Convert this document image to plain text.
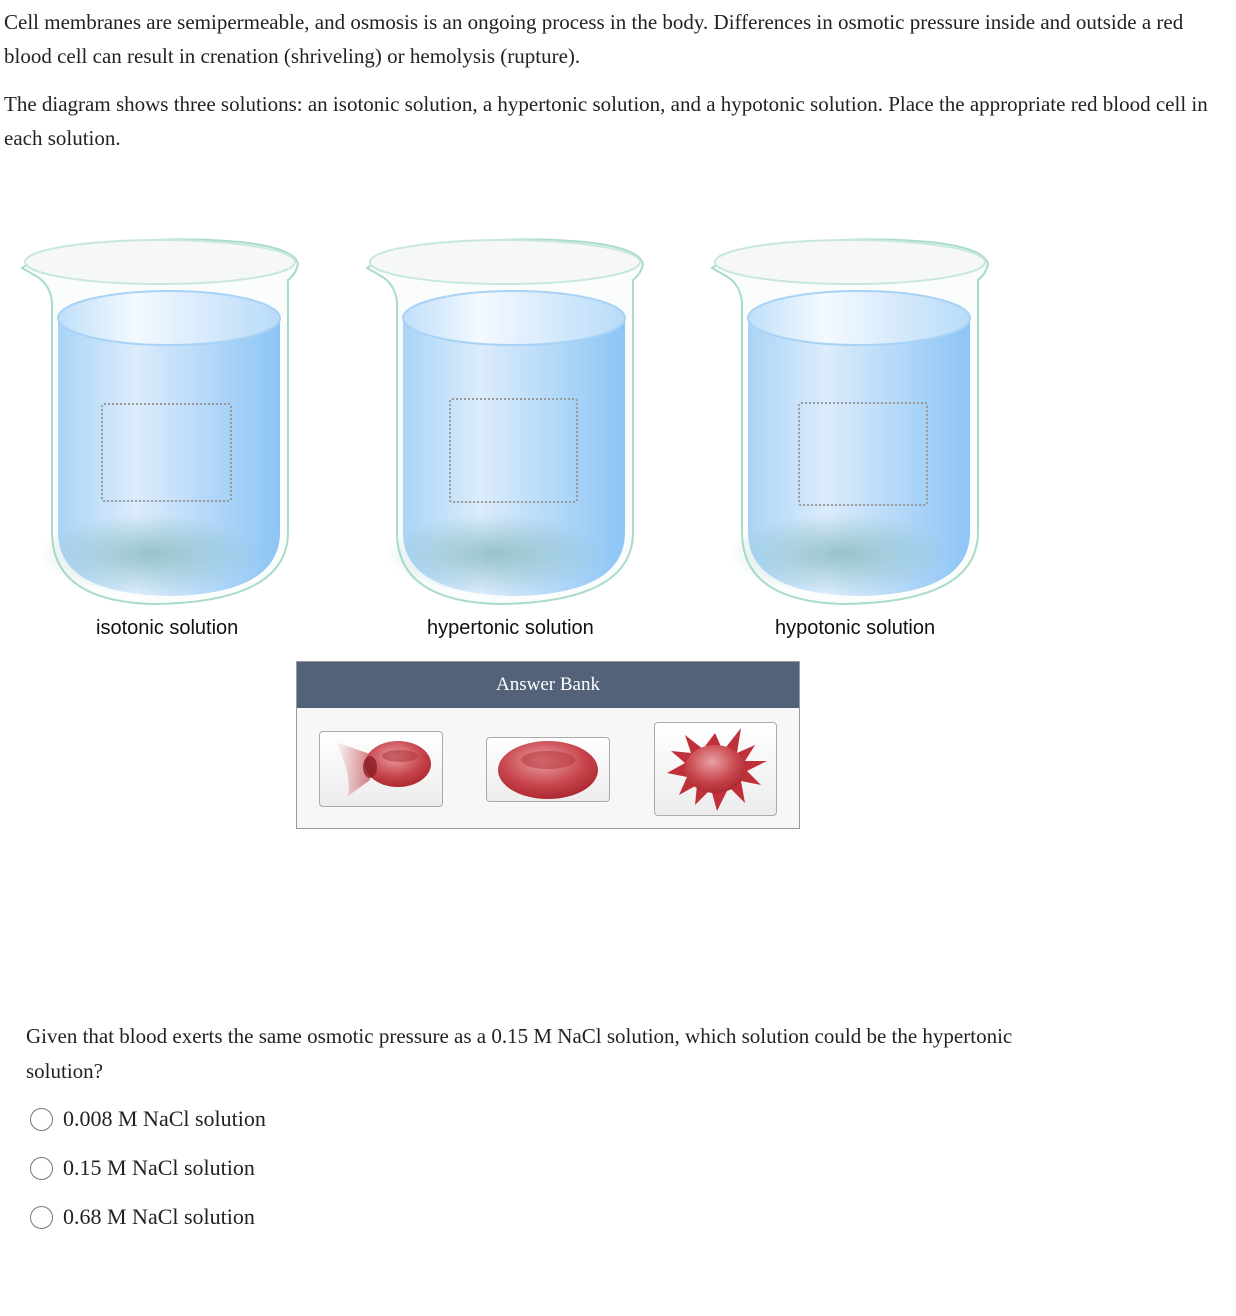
Cell membranes are semipermeable, and osmosis is an ongoing process in the body. Differences in osmotic pressure inside and outside a red blood cell can result in crenation (shriveling) or hemolysis (rupture).

The diagram shows three solutions: an isotonic solution, a hypertonic solution, and a hypotonic solution. Place the appropriate red blood cell in each solution.

isotonic solution	hypertonic solution	hypotonic solution
Answer Bank

Given that blood exerts the same osmotic pressure as a 0.15 M NaCl solution, which solution could be the hypertonic solution?

0.008 M NaCl solution
0.15 M NaCl solution
0.68 M NaCl solution
